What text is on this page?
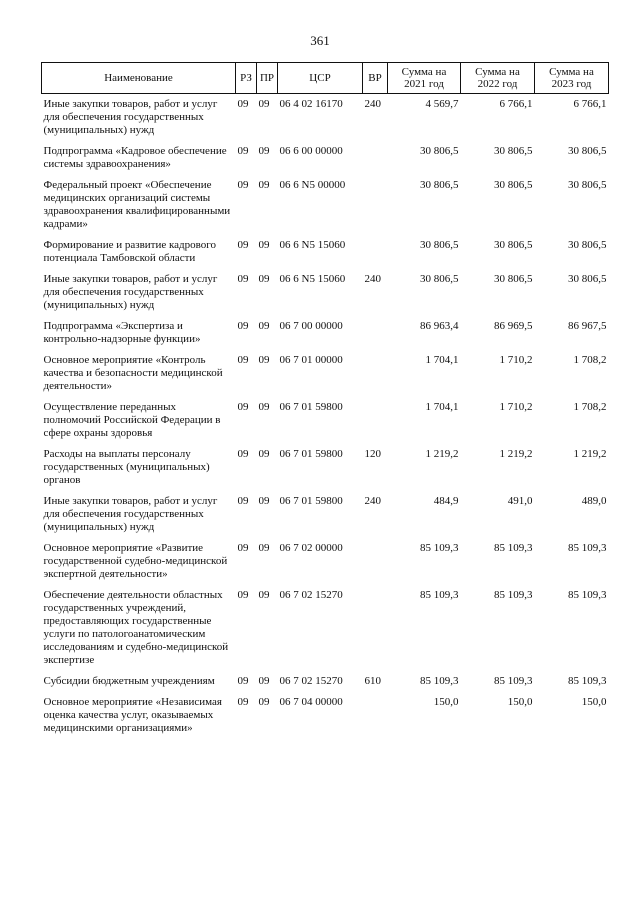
361
Наименование	РЗ	ПР	ЦСР	ВР	Сумма на 2021 год	Сумма на 2022 год	Сумма на 2023 год

Иные закупки товаров, работ и услуг для обеспечения государственных (муниципальных) нужд	09	09	06 4 02 16170	240	4 569,7	6 766,1	6 766,1

Подпрограмма «Кадровое обеспечение системы здравоохранения»	09	09	06 6 00 00000		30 806,5	30 806,5	30 806,5

Федеральный проект «Обеспечение медицинских организаций системы здравоохранения квалифицированными кадрами»	09	09	06 6 N5 00000		30 806,5	30 806,5	30 806,5

Формирование и развитие кадрового потенциала Тамбовской области	09	09	06 6 N5 15060		30 806,5	30 806,5	30 806,5

Иные закупки товаров, работ и услуг для обеспечения государственных (муниципальных) нужд	09	09	06 6 N5 15060	240	30 806,5	30 806,5	30 806,5

Подпрограмма «Экспертиза и контрольно-надзорные функции»	09	09	06 7 00 00000		86 963,4	86 969,5	86 967,5

Основное мероприятие «Контроль качества и безопасности медицинской деятельности»	09	09	06 7 01 00000		1 704,1	1 710,2	1 708,2

Осуществление переданных полномочий Российской Федерации в сфере охраны здоровья	09	09	06 7 01 59800		1 704,1	1 710,2	1 708,2

Расходы на выплаты персоналу государственных (муниципальных) органов	09	09	06 7 01 59800	120	1 219,2	1 219,2	1 219,2

Иные закупки товаров, работ и услуг для обеспечения государственных (муниципальных) нужд	09	09	06 7 01 59800	240	484,9	491,0	489,0

Основное мероприятие «Развитие государственной судебно-медицинской экспертной деятельности»	09	09	06 7 02 00000		85 109,3	85 109,3	85 109,3

Обеспечение деятельности областных государственных учреждений, предоставляющих государственные услуги по патологоанатомическим исследованиям и судебно-медицинской экспертизе	09	09	06 7 02 15270		85 109,3	85 109,3	85 109,3

Субсидии бюджетным учреждениям	09	09	06 7 02 15270	610	85 109,3	85 109,3	85 109,3

Основное мероприятие «Независимая оценка качества услуг, оказываемых медицинскими организациями»	09	09	06 7 04 00000		150,0	150,0	150,0
